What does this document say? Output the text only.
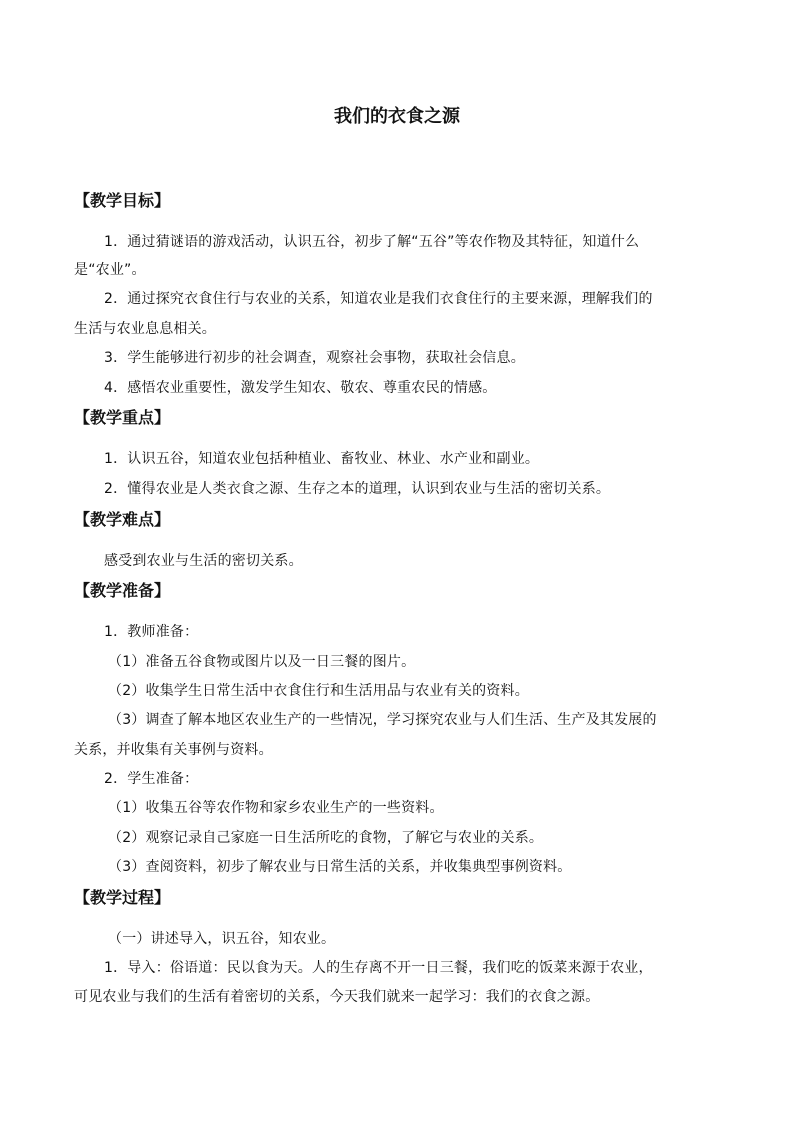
我们的衣食之源
【教学目标】
1．通过猜谜语的游戏活动，认识五谷，初步了解“五谷”等农作物及其特征，知道什么
是“农业”。
2．通过探究衣食住行与农业的关系，知道农业是我们衣食住行的主要来源，理解我们的
生活与农业息息相关。
3．学生能够进行初步的社会调查，观察社会事物，获取社会信息。
4．感悟农业重要性，激发学生知农、敬农、尊重农民的情感。
【教学重点】
1．认识五谷，知道农业包括种植业、畜牧业、林业、水产业和副业。
2．懂得农业是人类衣食之源、生存之本的道理，认识到农业与生活的密切关系。
【教学难点】
感受到农业与生活的密切关系。
【教学准备】
1．教师准备：
（1）准备五谷食物或图片以及一日三餐的图片。
（2）收集学生日常生活中衣食住行和生活用品与农业有关的资料。
（3）调查了解本地区农业生产的一些情况，学习探究农业与人们生活、生产及其发展的
关系，并收集有关事例与资料。
2．学生准备：
（1）收集五谷等农作物和家乡农业生产的一些资料。
（2）观察记录自己家庭一日生活所吃的食物，了解它与农业的关系。
（3）查阅资料，初步了解农业与日常生活的关系，并收集典型事例资料。
【教学过程】
（一）讲述导入，识五谷，知农业。
1．导入：俗语道：民以食为天。人的生存离不开一日三餐，我们吃的饭菜来源于农业，
可见农业与我们的生活有着密切的关系，今天我们就来一起学习：我们的衣食之源。
